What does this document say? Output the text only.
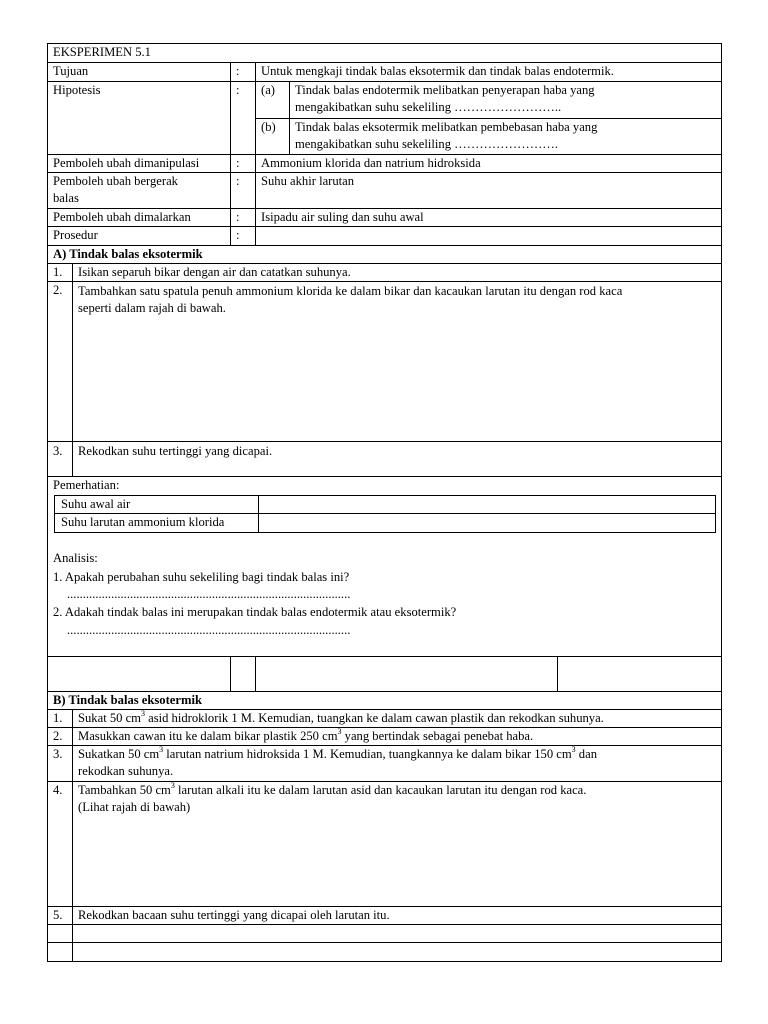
EKSPERIMEN 5.1
Tujuan	:	Untuk mengkaji tindak balas eksotermik dan tindak balas endotermik.
Hipotesis	:	(a)	Tindak balas endotermik melibatkan penyerapan haba yang
mengakibatkan suhu sekeliling ……………………..
(b)	Tindak balas eksotermik melibatkan pembebasan haba yang
mengakibatkan suhu sekeliling …………………….
Pemboleh ubah dimanipulasi	:	Ammonium klorida dan natrium hidroksida
Pemboleh ubah bergerak
balas
:	Suhu akhir larutan
Pemboleh ubah dimalarkan	:	Isipadu air suling dan suhu awal
Prosedur	:
A) Tindak balas eksotermik
1.	Isikan separuh bikar dengan air dan catatkan suhunya.
2.	Tambahkan satu spatula penuh ammonium klorida ke dalam bikar dan kacaukan larutan itu dengan rod kaca
seperti dalam rajah di bawah.
3.	Rekodkan suhu tertinggi yang dicapai.
Pemerhatian:
Suhu awal air
Suhu larutan ammonium klorida
Analisis:
1. Apakah perubahan suhu sekeliling bagi tindak balas ini?
..........................................................................................
2. Adakah tindak balas ini merupakan tindak balas endotermik atau eksotermik?
..........................................................................................
B) Tindak balas eksotermik
1.	Sukat 50 $cm^3$ asid hidroklorik 1 M. Kemudian, tuangkan ke dalam cawan plastik dan rekodkan suhunya.
2.	Masukkan cawan itu ke dalam bikar plastik 250 $cm^3$ yang bertindak sebagai penebat haba.
3.	Sukatkan 50 $cm^3$ larutan natrium hidroksida 1 M. Kemudian, tuangkannya ke dalam bikar 150 $cm^3$ dan
rekodkan suhunya.
4.	Tambahkan 50 $cm^3$ larutan alkali itu ke dalam larutan asid dan kacaukan larutan itu dengan rod kaca.
(Lihat rajah di bawah)
5.	Rekodkan bacaan suhu tertinggi yang dicapai oleh larutan itu.
